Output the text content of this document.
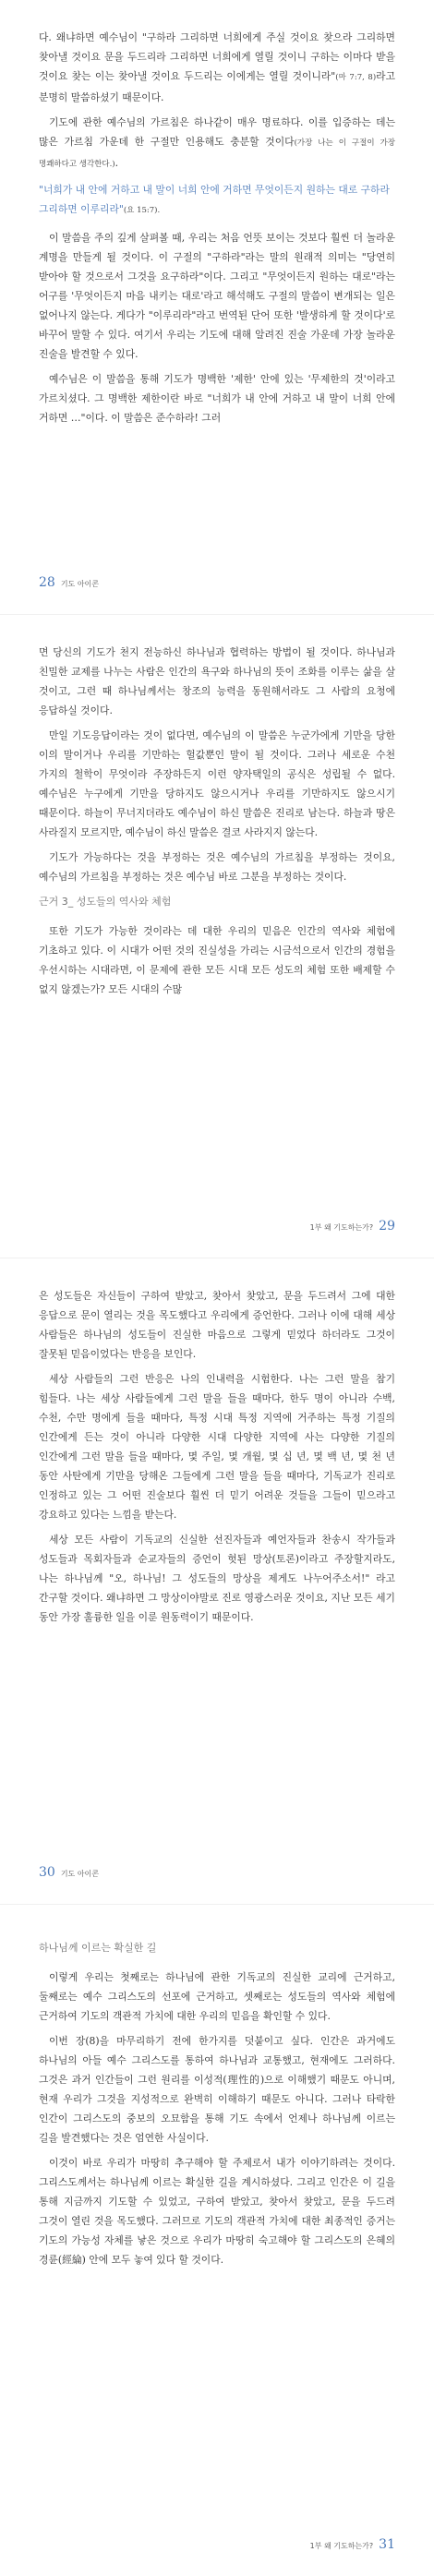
다. 왜냐하면 예수님이 "구하라 그리하면 너희에게 주실 것이요 찾으라 그리하면 찾아낼 것이요 문을 두드리라 그리하면 너희에게 열릴 것이니 구하는 이마다 받을 것이요 찾는 이는 찾아낼 것이요 두드리는 이에게는 열릴 것이니라"(마 7:7, 8)라고 분명히 말씀하셨기 때문이다.

기도에 관한 예수님의 가르침은 하나같이 매우 명료하다. 이를 입증하는 데는 많은 가르침 가운데 한 구절만 인용해도 충분할 것이다(가장 나는 이 구절이 가장 명쾌하다고 생각한다.).

"너희가 내 안에 거하고 내 말이 너희 안에 거하면 무엇이든지 원하는 대로 구하라 그리하면 이루리라"(요 15:7).

이 말씀을 주의 깊게 살펴볼 때, 우리는 처음 언뜻 보이는 것보다 훨씬 더 놀라운 계명을 만들게 될 것이다. 이 구절의 "구하라"라는 말의 원래적 의미는 "당연히 받아야 할 것으로서 그것을 요구하라"이다. 그리고 "무엇이든지 원하는 대로"라는 어구를 '무엇이든지 마음 내키는 대로'라고 해석해도 구절의 말씀이 변개되는 일은 없어나지 않는다. 게다가 "이루리라"라고 번역된 단어 또한 '발생하게 할 것이다'로 바꾸어 말할 수 있다. 여기서 우리는 기도에 대해 알려진 진술 가운데 가장 놀라운 진술을 발견할 수 있다.

예수님은 이 말씀을 통해 기도가 명백한 '제한' 안에 있는 '무제한의 것'이라고 가르치셨다. 그 명백한 제한이란 바로 "너희가 내 안에 거하고 내 말이 너희 안에 거하면 …"이다. 이 말씀은 준수하라! 그러

28 기도 아이콘

면 당신의 기도가 천지 전능하신 하나님과 협력하는 방법이 될 것이다. 하나님과 친밀한 교제를 나누는 사람은 인간의 욕구와 하나님의 뜻이 조화를 이루는 삶을 살 것이고, 그런 때 하나님께서는 창조의 능력을 동원해서라도 그 사람의 요청에 응답하실 것이다.

만일 기도응답이라는 것이 없다면, 예수님의 이 말씀은 누군가에게 기만을 당한 이의 말이거나 우리를 기만하는 헐값뿐인 말이 될 것이다. 그러나 세로운 수천 가지의 철학이 무엇이라 주장하든지 이런 양자택일의 공식은 성립될 수 없다. 예수님은 누구에게 기만을 당하지도 않으시거나 우리를 기만하지도 않으시기 때문이다. 하늘이 무너지더라도 예수님이 하신 말씀은 진리로 남는다. 하늘과 땅은 사라질지 모르지만, 예수님이 하신 말씀은 결코 사라지지 않는다.

기도가 가능하다는 것을 부정하는 것은 예수님의 가르침을 부정하는 것이요, 예수님의 가르침을 부정하는 것은 예수님 바로 그분을 부정하는 것이다.

근거 3_ 성도들의 역사와 체험

또한 기도가 가능한 것이라는 데 대한 우리의 믿음은 인간의 역사와 체험에 기초하고 있다. 이 시대가 어떤 것의 진실성을 가리는 시금석으로서 인간의 경험을 우선시하는 시대라면, 이 문제에 관한 모든 시대 모든 성도의 체험 또한 배제할 수 없지 않겠는가? 모든 시대의 수많

1부 왜 기도하는가? 29

은 성도들은 자신들이 구하여 받았고, 찾아서 찾았고, 문을 두드려서 그에 대한 응답으로 문이 열리는 것을 목도했다고 우리에게 증언한다. 그러나 이에 대해 세상 사람들은 하나님의 성도들이 진실한 마음으로 그렇게 믿었다 하더라도 그것이 잘못된 믿음이었다는 반응을 보인다.

세상 사람들의 그런 반응은 나의 인내력을 시험한다. 나는 그런 말을 참기 힘들다. 나는 세상 사람들에게 그런 말을 들을 때마다, 한두 명이 아니라 수백, 수천, 수만 명에게 들을 때마다, 특정 시대 특정 지역에 거주하는 특정 기질의 인간에게 든는 것이 아니라 다양한 시대 다양한 지역에 사는 다양한 기질의 인간에게 그런 말을 들을 때마다, 몇 주일, 몇 개월, 몇 십 년, 몇 백 년, 몇 천 년 동안 사탄에게 기만을 당해온 그들에게 그런 말을 들을 때마다, 기독교가 진리로 인정하고 있는 그 어떤 진술보다 훨씬 더 믿기 어려운 것들을 그들이 믿으라고 강요하고 있다는 느낌을 받는다.

세상 모든 사람이 기독교의 신실한 선진자들과 예언자들과 찬송시 작가들과 성도들과 목회자들과 순교자들의 증언이 헛된 망상(토론)이라고 주장할지라도, 나는 하나님께 "오, 하나님! 그 성도들의 망상을 제게도 나누어주소서!" 라고 간구할 것이다. 왜냐하면 그 망상이야말로 진로 영광스러운 것이요, 지난 모든 세기 동안 가장 훌륭한 일을 이룬 원동력이기 때문이다.

30 기도 아이콘
하나님께 이르는 확실한 길

이렇게 우리는 첫째로는 하나님에 관한 기독교의 진실한 교리에 근거하고, 둘째로는 예수 그리스도의 선포에 근거하고, 셋째로는 성도들의 역사와 체험에 근거하여 기도의 객관적 가치에 대한 우리의 믿음을 확인할 수 있다.

이번 장(8)을 마무리하기 전에 한가지를 덧붙이고 싶다. 인간은 과거에도 하나님의 아들 예수 그리스도를 통하여 하나님과 교통했고, 현재에도 그러하다. 그것은 과거 인간들이 그런 원리를 이성적(理性的)으로 이해했기 때문도 아니며, 현재 우리가 그것을 지성적으로 완벽히 이해하기 때문도 아니다. 그러나 타락한 인간이 그리스도의 중보의 오묘함을 통해 기도 속에서 언제나 하나님께 이르는 길을 발견했다는 것은 엄연한 사실이다.

이것이 바로 우리가 마땅히 추구해야 할 주제로서 내가 이야기하려는 것이다. 그리스도께서는 하나님께 이르는 확실한 길을 계시하셨다. 그리고 인간은 이 길을 통해 지금까지 기도할 수 있었고, 구하여 받았고, 찾아서 찾았고, 문을 두드려 그것이 열린 것을 목도했다. 그러므로 기도의 객관적 가치에 대한 최종적인 증거는 기도의 가능성 자체를 낳은 것으로 우리가 마땅히 숙고해야 할 그리스도의 은혜의 경륜(經綸) 안에 모두 놓여 있다 할 것이다.

1부 왜 기도하는가? 31
